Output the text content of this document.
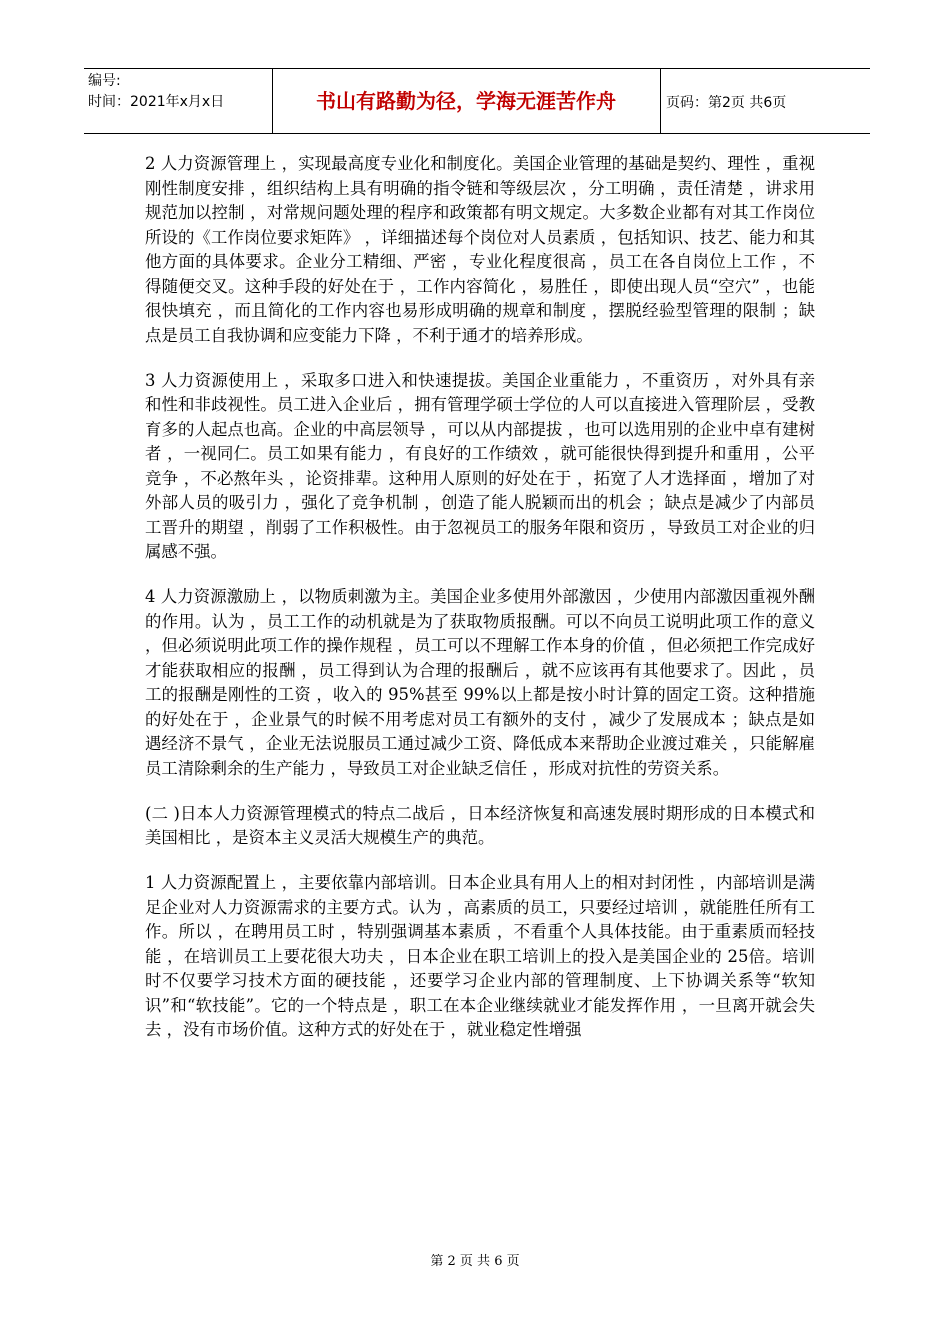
编号:
时间：2021年x月x日	书山有路勤为径，学海无涯苦作舟	页码：第2页 共6页

2 人力资源管理上 ，实现最高度专业化和制度化。美国企业管理的基础是契约、理性 ，重视刚性制度安排 ，组织结构上具有明确的指令链和等级层次 ，分工明确 ，责任清楚 ，讲求用规范加以控制 ，对常规问题处理的程序和政策都有明文规定。大多数企业都有对其工作岗位所设的《工作岗位要求矩阵》 ，详细描述每个岗位对人员素质 ，包括知识、技艺、能力和其他方面的具体要求。企业分工精细、严密 ，专业化程度很高 ，员工在各自岗位上工作 ，不得随便交叉。这种手段的好处在于 ，工作内容简化 ，易胜任 ，即使出现人员“空穴” ，也能很快填充 ，而且简化的工作内容也易形成明确的规章和制度 ，摆脱经验型管理的限制 ；缺点是员工自我协调和应变能力下降 ，不利于通才的培养形成。

3 人力资源使用上 ，采取多口进入和快速提拔。美国企业重能力 ，不重资历 ，对外具有亲和性和非歧视性。员工进入企业后 ，拥有管理学硕士学位的人可以直接进入管理阶层 ，受教育多的人起点也高。企业的中高层领导 ，可以从内部提拔 ，也可以选用别的企业中卓有建树者 ，一视同仁。员工如果有能力 ，有良好的工作绩效 ，就可能很快得到提升和重用 ，公平竞争 ，不必熬年头 ，论资排辈。这种用人原则的好处在于 ，拓宽了人才选择面 ，增加了对外部人员的吸引力 ，强化了竞争机制 ，创造了能人脱颖而出的机会 ；缺点是减少了内部员工晋升的期望 ，削弱了工作积极性。由于忽视员工的服务年限和资历 ，导致员工对企业的归属感不强。

4 人力资源激励上 ，以物质刺激为主。美国企业多使用外部激因 ，少使用内部激因重视外酬的作用。认为 ，员工工作的动机就是为了获取物质报酬。可以不向员工说明此项工作的意义 ，但必须说明此项工作的操作规程 ，员工可以不理解工作本身的价值 ，但必须把工作完成好才能获取相应的报酬 ，员工得到认为合理的报酬后 ，就不应该再有其他要求了。因此 ，员工的报酬是刚性的工资 ，收入的 95%甚至 99%以上都是按小时计算的固定工资。这种措施的好处在于 ，企业景气的时候不用考虑对员工有额外的支付 ，减少了发展成本 ；缺点是如遇经济不景气 ，企业无法说服员工通过减少工资、降低成本来帮助企业渡过难关 ，只能解雇员工清除剩余的生产能力 ，导致员工对企业缺乏信任 ，形成对抗性的劳资关系。

(二 )日本人力资源管理模式的特点二战后 ，日本经济恢复和高速发展时期形成的日本模式和美国相比 ，是资本主义灵活大规模生产的典范。

1 人力资源配置上 ，主要依靠内部培训。日本企业具有用人上的相对封闭性 ，内部培训是满足企业对人力资源需求的主要方式。认为 ，高素质的员工，只要经过培训 ，就能胜任所有工作。所以 ，在聘用员工时 ，特别强调基本素质 ，不看重个人具体技能。由于重素质而轻技能 ，在培训员工上要花很大功夫 ，日本企业在职工培训上的投入是美国企业的 25倍。培训时不仅要学习技术方面的硬技能 ，还要学习企业内部的管理制度、上下协调关系等“软知识”和“软技能”。它的一个特点是 ，职工在本企业继续就业才能发挥作用 ，一旦离开就会失去 ，没有市场价值。这种方式的好处在于 ，就业稳定性增强

第 2 页 共 6 页
